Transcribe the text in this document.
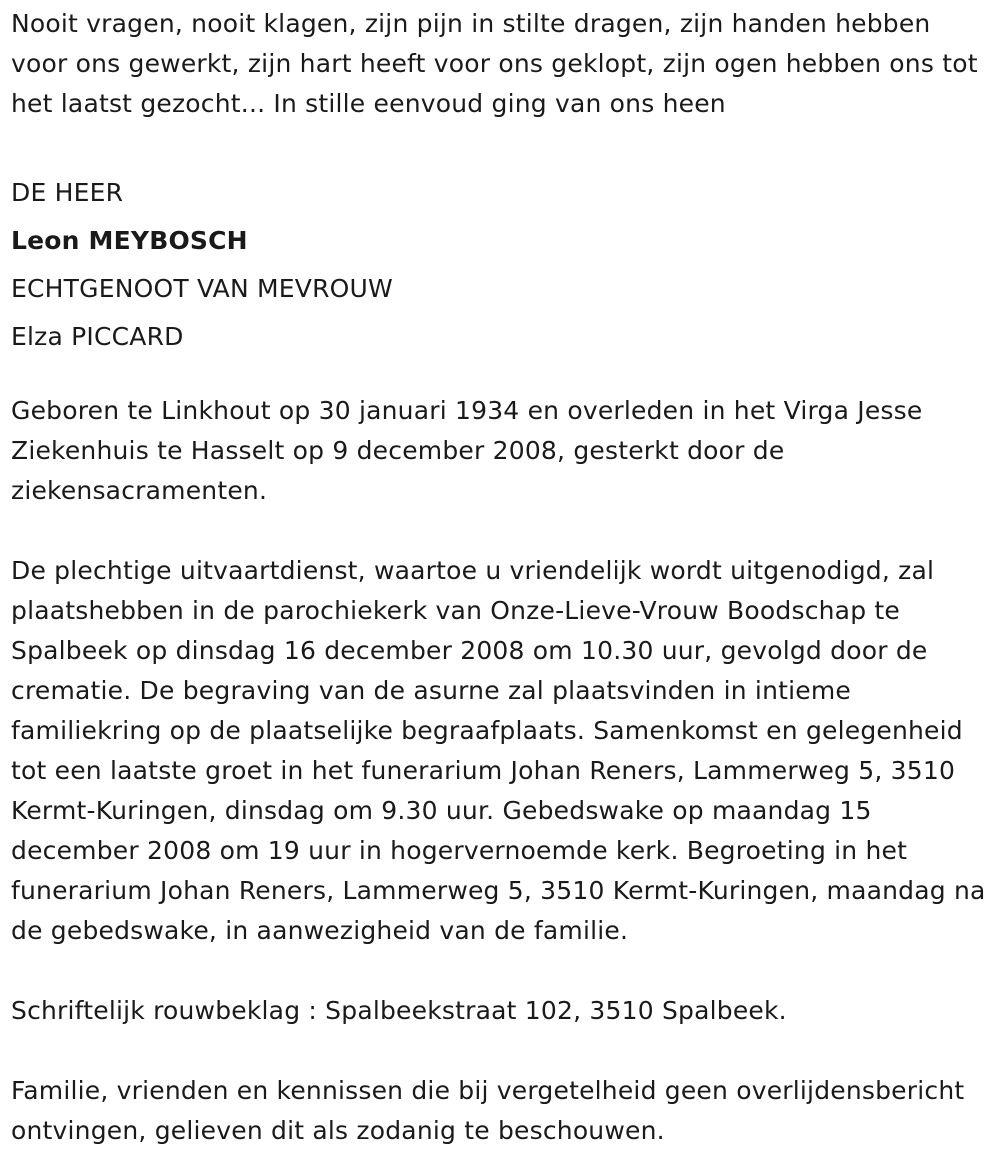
Nooit vragen, nooit klagen, zijn pijn in stilte dragen, zijn handen hebben voor ons gewerkt, zijn hart heeft voor ons geklopt, zijn ogen hebben ons tot het laatst gezocht... In stille eenvoud ging van ons heen

DE HEER

Leon MEYBOSCH

ECHTGENOOT VAN MEVROUW

Elza PICCARD

Geboren te Linkhout op 30 januari 1934 en overleden in het Virga Jesse Ziekenhuis te Hasselt op 9 december 2008, gesterkt door de ziekensacramenten.

De plechtige uitvaartdienst, waartoe u vriendelijk wordt uitgenodigd, zal plaatshebben in de parochiekerk van Onze-Lieve-Vrouw Boodschap te Spalbeek op dinsdag 16 december 2008 om 10.30 uur, gevolgd door de crematie. De begraving van de asurne zal plaatsvinden in intieme familiekring op de plaatselijke begraafplaats. Samenkomst en gelegenheid tot een laatste groet in het funerarium Johan Reners, Lammerweg 5, 3510 Kermt-Kuringen, dinsdag om 9.30 uur. Gebedswake op maandag 15 december 2008 om 19 uur in hogervernoemde kerk. Begroeting in het funerarium Johan Reners, Lammerweg 5, 3510 Kermt-Kuringen, maandag na de gebedswake, in aanwezigheid van de familie.

Schriftelijk rouwbeklag : Spalbeekstraat 102, 3510 Spalbeek.

Familie, vrienden en kennissen die bij vergetelheid geen overlijdensbericht ontvingen, gelieven dit als zodanig te beschouwen.
